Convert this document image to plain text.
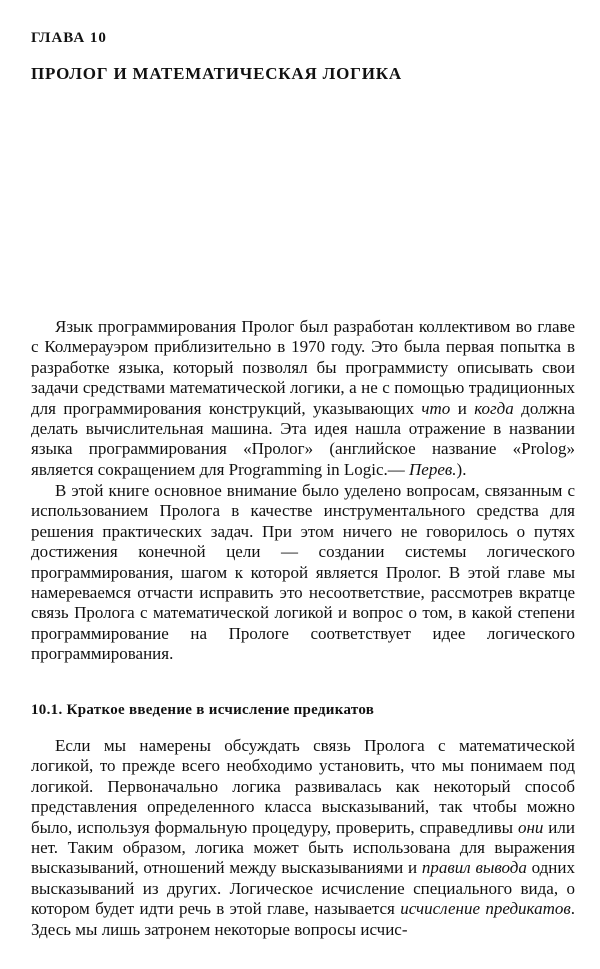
ГЛАВА 10
ПРОЛОГ И МАТЕМАТИЧЕСКАЯ ЛОГИКА

Язык программирования Пролог был разработан коллективом во главе с Колмерауэром приблизительно в 1970 году. Это была первая попытка в разработке языка, который позволял бы программисту описывать свои задачи средствами математической логики, а не с помощью традиционных для программирования конструкций, указывающих что и когда должна делать вычислительная машина. Эта идея нашла отражение в названии языка программирования «Пролог» (английское название «Prolog» является сокращением для Programming in Logic.— Перев.).

В этой книге основное внимание было уделено вопросам, связанным с использованием Пролога в качестве инструментального средства для решения практических задач. При этом ничего не говорилось о путях достижения конечной цели — создании системы логического программирования, шагом к которой является Пролог. В этой главе мы намереваемся отчасти исправить это несоответствие, рассмотрев вкратце связь Пролога с математической логикой и вопрос о том, в какой степени программирование на Прологе соответствует идее логического программирования.

10.1. Краткое введение в исчисление предикатов

Если мы намерены обсуждать связь Пролога с математической логикой, то прежде всего необходимо установить, что мы понимаем под логикой. Первоначально логика развивалась как некоторый способ представления определенного класса высказываний, так чтобы можно было, используя формальную процедуру, проверить, справедливы они или нет. Таким образом, логика может быть использована для выражения высказываний, отношений между высказываниями и правил вывода одних высказываний из других. Логическое исчисление специального вида, о котором будет идти речь в этой главе, называется исчисление предикатов. Здесь мы лишь затронем некоторые вопросы исчис-
